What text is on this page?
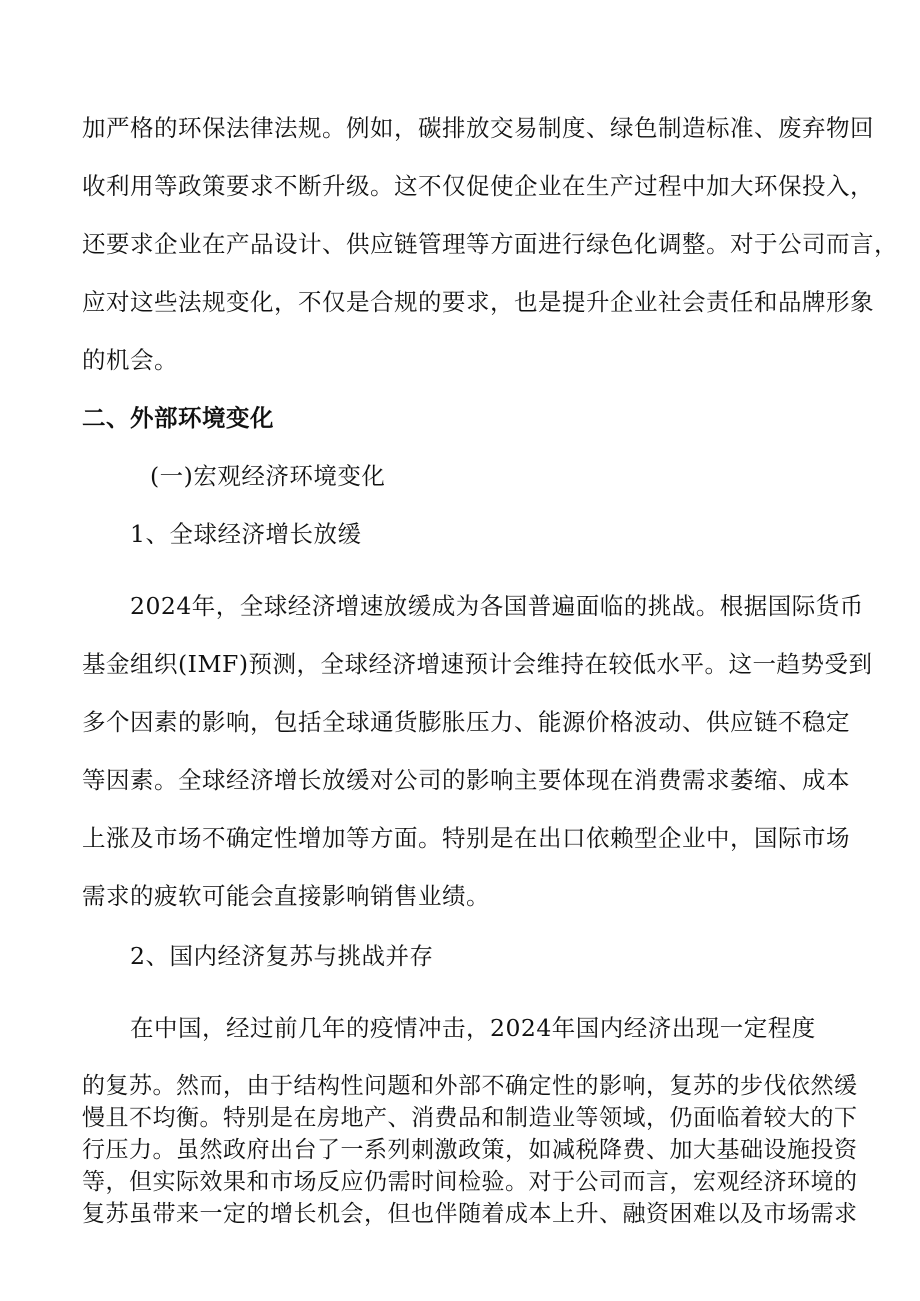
加严格的环保法律法规。例如，碳排放交易制度、绿色制造标准、废弃物回
收利用等政策要求不断升级。这不仅促使企业在生产过程中加大环保投入，
还要求企业在产品设计、供应链管理等方面进行绿色化调整。对于公司而言，
应对这些法规变化，不仅是合规的要求，也是提升企业社会责任和品牌形象
的机会。
二、外部环境变化
(一)宏观经济环境变化
1、全球经济增长放缓
2024年，全球经济增速放缓成为各国普遍面临的挑战。根据国际货币
基金组织(IMF)预测，全球经济增速预计会维持在较低水平。这一趋势受到
多个因素的影响，包括全球通货膨胀压力、能源价格波动、供应链不稳定
等因素。全球经济增长放缓对公司的影响主要体现在消费需求萎缩、成本
上涨及市场不确定性增加等方面。特别是在出口依赖型企业中，国际市场
需求的疲软可能会直接影响销售业绩。
2、国内经济复苏与挑战并存
在中国，经过前几年的疫情冲击，2024年国内经济出现一定程度
的复苏。然而，由于结构性问题和外部不确定性的影响，复苏的步伐依然缓
慢且不均衡。特别是在房地产、消费品和制造业等领域，仍面临着较大的下
行压力。虽然政府出台了一系列刺激政策，如减税降费、加大基础设施投资
等，但实际效果和市场反应仍需时间检验。对于公司而言，宏观经济环境的
复苏虽带来一定的增长机会，但也伴随着成本上升、融资困难以及市场需求
